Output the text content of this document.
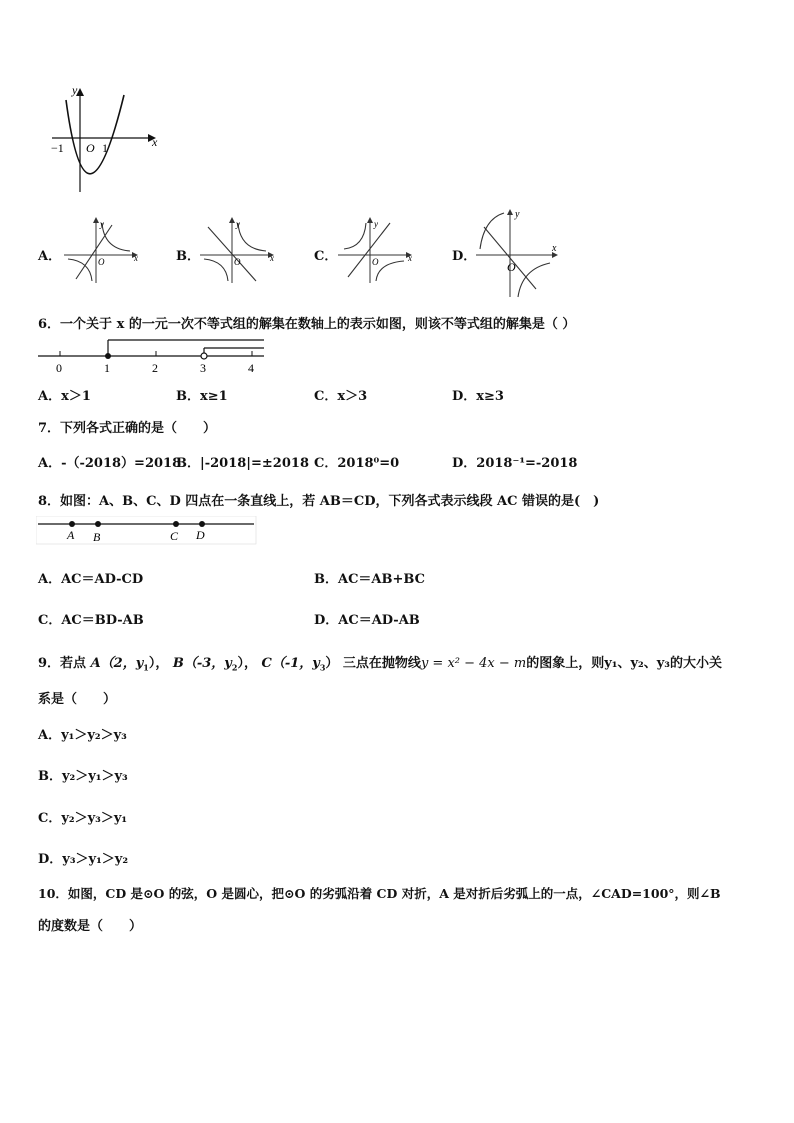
y
x
O
−1	1
A．
y
x
O	B．
y
x
O	C．
y
x
O	D．
y
x
O
6．一个关于 x 的一元一次不等式组的解集在数轴上的表示如图，则该不等式组的解集是（ ）
0	1	2	3	4
A．x＞1	B．x≥1	C．x＞3	D．x≥3
7．下列各式正确的是（　　）
A．-（-2018）=2018
B．|-2018|=±2018 C．2018⁰=0	D．2018⁻¹=-2018
8．如图：A、B、C、D 四点在一条直线上，若 AB＝CD，下列各式表示线段 AC 错误的是(　)
A B	C D
A．AC＝AD-CD	B．AC＝AB+BC
C．AC＝BD-AB	D．AC＝AD-AB
9．若点 A（2，$y_1$）， B（-3，$y_2$）， C（-1，$y_3$） 三点在抛物线y = x² − 4x − m的图象上，则y₁、y₂、y₃的大小关
系是（　　）
A．y₁＞y₂＞y₃
B．y₂＞y₁＞y₃
C．y₂＞y₃＞y₁
D．y₃＞y₁＞y₂
10．如图，CD 是⊙O 的弦，O 是圆心，把⊙O 的劣弧沿着 CD 对折，A 是对折后劣弧上的一点，∠CAD=100°，则∠B
的度数是（　　）
